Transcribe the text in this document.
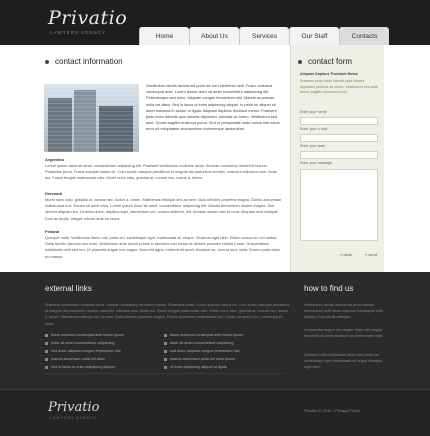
Privatio
LAWYERS AGENCY	Home	About Us	Services	Our Staff	Contacts
contact information
Vestibulum iaculis lacinia est proin dic tum elementu velit. Fusce euismod consequat ante. Lorem ipsum dolor sit amet consectetur adipisicing elit. Pellentesque sed dolor. Aliquam congue fermentum nisl. Mauris accumsan nulla vel diam. Sed in lacus ut enim adipiscing aliquet. In pede mi aliquet sit amet euismod in auctor ut ligula. Aliquam dapibus tincidunt metus. Praesent justo dolor lobortis quis lobortis dignissim, pulvinar ac lorem. Vestibulum sed ante. Donec sagittis euismod purus. Sed ut perspiciatis unde omnis iste natus error sit voluptatem accusantium doloremque laudantium.
Argentina
Lorem ipsum dolor sit amet, consectetuer adipiscing elit. Praesent vestibulum molestie lacus. Aenean nonummy hendrerit mauris. Phasellus porta. Fusce suscipit varius mi. Cum sociis natoque penatibus et magnis dis parturient montes, nascetur ridiculus mus. Nulla dui. Fusce feugiat malesuada odio. Morbi nunc odio, gravida at, cursus nec, luctus a, lorem.
Denmark
Morbi nunc odio, gravida at, cursus nec, luctus a, lorem. Maecenas tristique orci ac sem. Duis ultricies pharetra magna. Donec accumsan malesuada orci. Donec sit amet eros. Lorem ipsum dolor sit amet, consectetuer adipiscing elit. Mauris fermentum dictum magna. Sed laoreet aliquam leo. Ut tellus dolor, dapibus eget, elementum vel, cursus eleifend, elit. Aenean auctor wisi et urna. Aliquam erat volutpat. Duis ac turpis. Integer rutrum ante eu lacus.
Finland
Quisque nulla. Vestibulum libero nisl, porta vel, scelerisque eget, malesuada at, neque. Vivamus eget nibh. Etiam cursus leo vel metus. Nulla facilisi. Aenean nec eros. Vestibulum ante ipsum primis in faucibus orci luctus et ultrices posuere cubilia Curae; Suspendisse sollicitudin velit sed leo. Ut pharetra augue nec augue. Nam elit agna, endrerit sit amet, tincidunt ac, viverra sed, nulla. Donec porta diam eu massa.
contact form
Aliquam Dapibus Tincidunt Metus
Praesent justo dolor lobortis quis lobortis dignissim pulvinar ac lorem. Vestibulum sed ante donec sagittis euismod purus.
Enter your name
Enter your e-mail
Enter your state
Enter your message
» clear	» send
external links
Praesent vestibulum molestie lacus. Aenean nonummy hendrerit mauris. Phasellus porta. Fusce suscipit varius mi. Cum sociis natoque penatibus et magnis dis parturient montes, nascetur ridiculus mus. Nulla dui. Fusce feugiat malesuada odio. Morbi nunc odio, gravida at, cursus nec, luctus a, lorem. Maecenas tristique orci ac sem. Duis ultricies pharetra magna. Donec accumsan malesuada orci. Donec sit amet eros. Lorem ipsum dolor.
fusce euismod consequat ante lorem ipsum
dolor sit amet consectetuer adipiscing
sed dolor aliquam congue fermentum nisl
mauris accumsan nulla vel diam
sed in lacus ut enim adipiscing aliquet
fusce euismod consequat ante lorem ipsum
dolor sit amet consectetuer adipiscing
sed dolor aliquam congue fermentum nisl
mauris accumsan nulla vel diam ipsum
ut enim adipiscing aliquet ut ligula
how to find us
Vestibulum iaculis lacinia est proin dictum elementum velit fusce euismod consequat ante adipisc Cum sociis natoque.
Ut pharetra augue nec augue. Nam elit magna hendrerit sit amet tincidunt ac viverra sed nulla.
Quisque nulla vestibulum libero nisl porta vel scelerisque eget malesuada at neque vivamus eget nibh.
Privatio
LAWYERS AGENCY
Privatio © 2010 • Privacy Policy
